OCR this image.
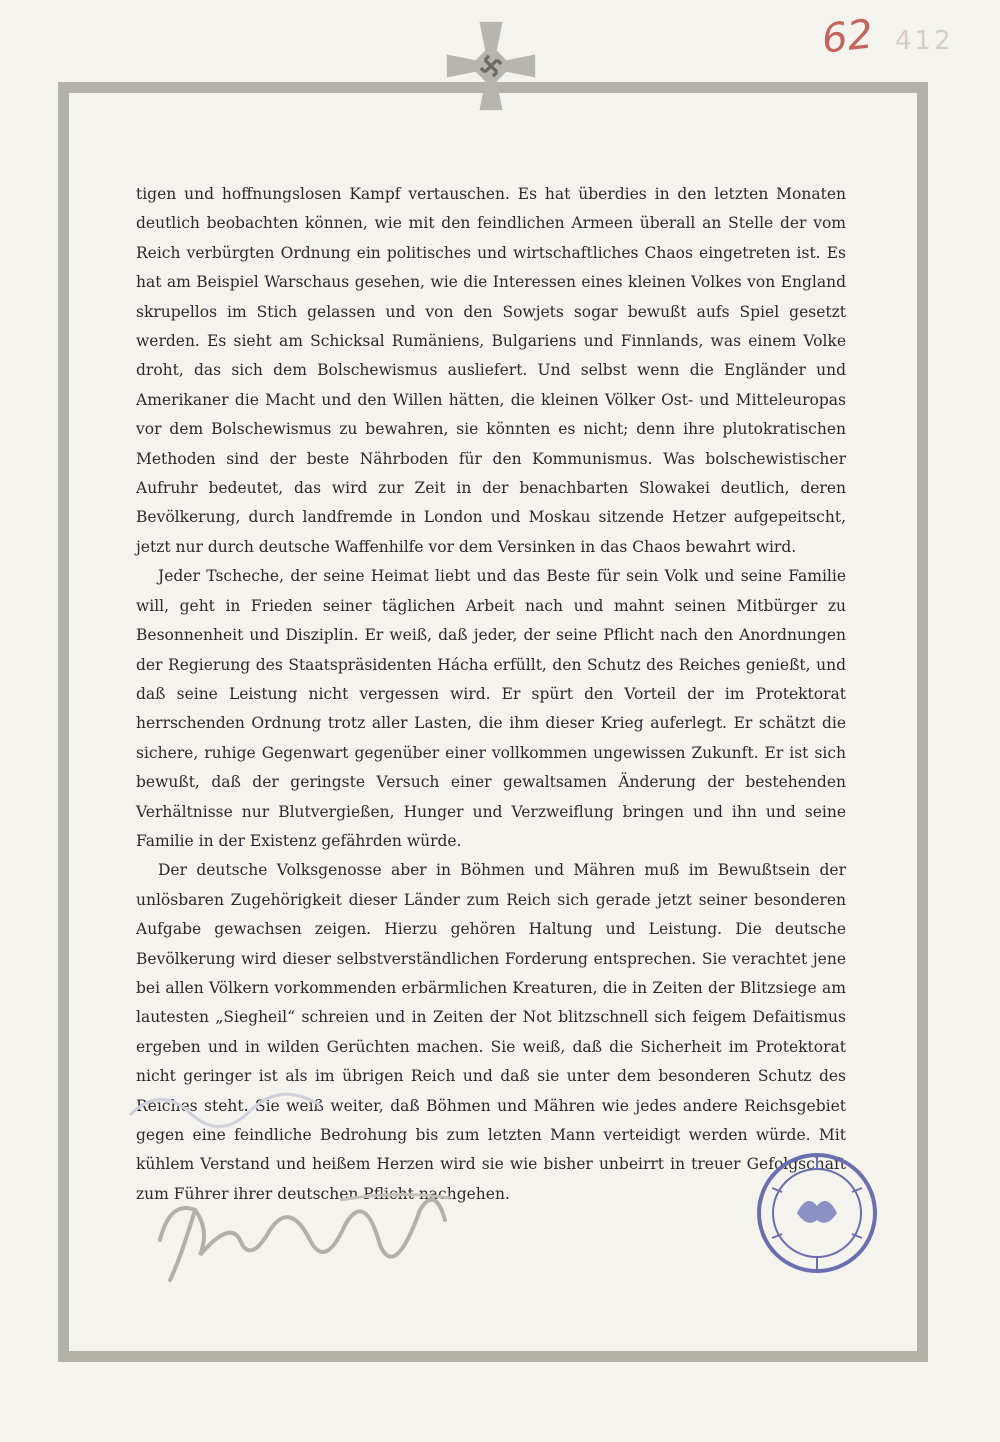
62 412

tigen und hoffnungslosen Kampf vertauschen. Es hat überdies in den letzten Monaten deutlich beobachten können, wie mit den feindlichen Armeen überall an Stelle der vom Reich verbürgten Ordnung ein politisches und wirtschaftliches Chaos eingetreten ist. Es hat am Beispiel Warschaus gesehen, wie die Interessen eines kleinen Volkes von England skrupellos im Stich gelassen und von den Sowjets sogar bewußt aufs Spiel gesetzt werden. Es sieht am Schicksal Rumäniens, Bulgariens und Finnlands, was einem Volke droht, das sich dem Bolschewismus ausliefert. Und selbst wenn die Engländer und Amerikaner die Macht und den Willen hätten, die kleinen Völker Ost- und Mitteleuropas vor dem Bolschewismus zu bewahren, sie könnten es nicht; denn ihre plutokratischen Methoden sind der beste Nährboden für den Kommunismus. Was bolschewistischer Aufruhr bedeutet, das wird zur Zeit in der benachbarten Slowakei deutlich, deren Bevölkerung, durch landfremde in London und Moskau sitzende Hetzer aufgepeitscht, jetzt nur durch deutsche Waffenhilfe vor dem Versinken in das Chaos bewahrt wird.

Jeder Tscheche, der seine Heimat liebt und das Beste für sein Volk und seine Familie will, geht in Frieden seiner täglichen Arbeit nach und mahnt seinen Mitbürger zu Besonnenheit und Disziplin. Er weiß, daß jeder, der seine Pflicht nach den Anordnungen der Regierung des Staatspräsidenten Hácha erfüllt, den Schutz des Reiches genießt, und daß seine Leistung nicht vergessen wird. Er spürt den Vorteil der im Protektorat herrschenden Ordnung trotz aller Lasten, die ihm dieser Krieg auferlegt. Er schätzt die sichere, ruhige Gegenwart gegenüber einer vollkommen ungewissen Zukunft. Er ist sich bewußt, daß der geringste Versuch einer gewaltsamen Änderung der bestehenden Verhältnisse nur Blutvergießen, Hunger und Verzweiflung bringen und ihn und seine Familie in der Existenz gefährden würde.

Der deutsche Volksgenosse aber in Böhmen und Mähren muß im Bewußtsein der unlösbaren Zugehörigkeit dieser Länder zum Reich sich gerade jetzt seiner besonderen Aufgabe gewachsen zeigen. Hierzu gehören Haltung und Leistung. Die deutsche Bevölkerung wird dieser selbstverständlichen Forderung entsprechen. Sie verachtet jene bei allen Völkern vorkommenden erbärmlichen Kreaturen, die in Zeiten der Blitzsiege am lautesten „Siegheil“ schreien und in Zeiten der Not blitzschnell sich feigem Defaitismus ergeben und in wilden Gerüchten machen. Sie weiß, daß die Sicherheit im Protektorat nicht geringer ist als im übrigen Reich und daß sie unter dem besonderen Schutz des Reiches steht. Sie weiß weiter, daß Böhmen und Mähren wie jedes andere Reichsgebiet gegen eine feindliche Bedrohung bis zum letzten Mann verteidigt werden würde. Mit kühlem Verstand und heißem Herzen wird sie wie bisher unbeirrt in treuer Gefolgschaft zum Führer ihrer deutschen Pflicht nachgehen.
